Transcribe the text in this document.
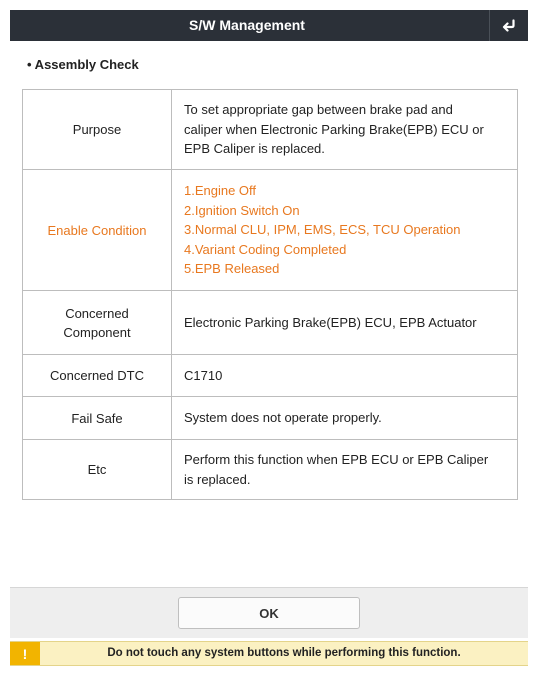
S/W Management
• Assembly Check
Purpose	To set appropriate gap between brake pad and
caliper when Electronic Parking Brake(EPB) ECU or
EPB Caliper is replaced.

Enable Condition	1.Engine Off
2.Ignition Switch On
3.Normal CLU, IPM, EMS, ECS, TCU Operation
4.Variant Coding Completed
5.EPB Released

Concerned
Component	Electronic Parking Brake(EPB) ECU, EPB Actuator

Concerned DTC	C1710

Fail Safe	System does not operate properly.

Etc	Perform this function when EPB ECU or EPB Caliper
is replaced.
OK
!	Do not touch any system buttons while performing this function.
